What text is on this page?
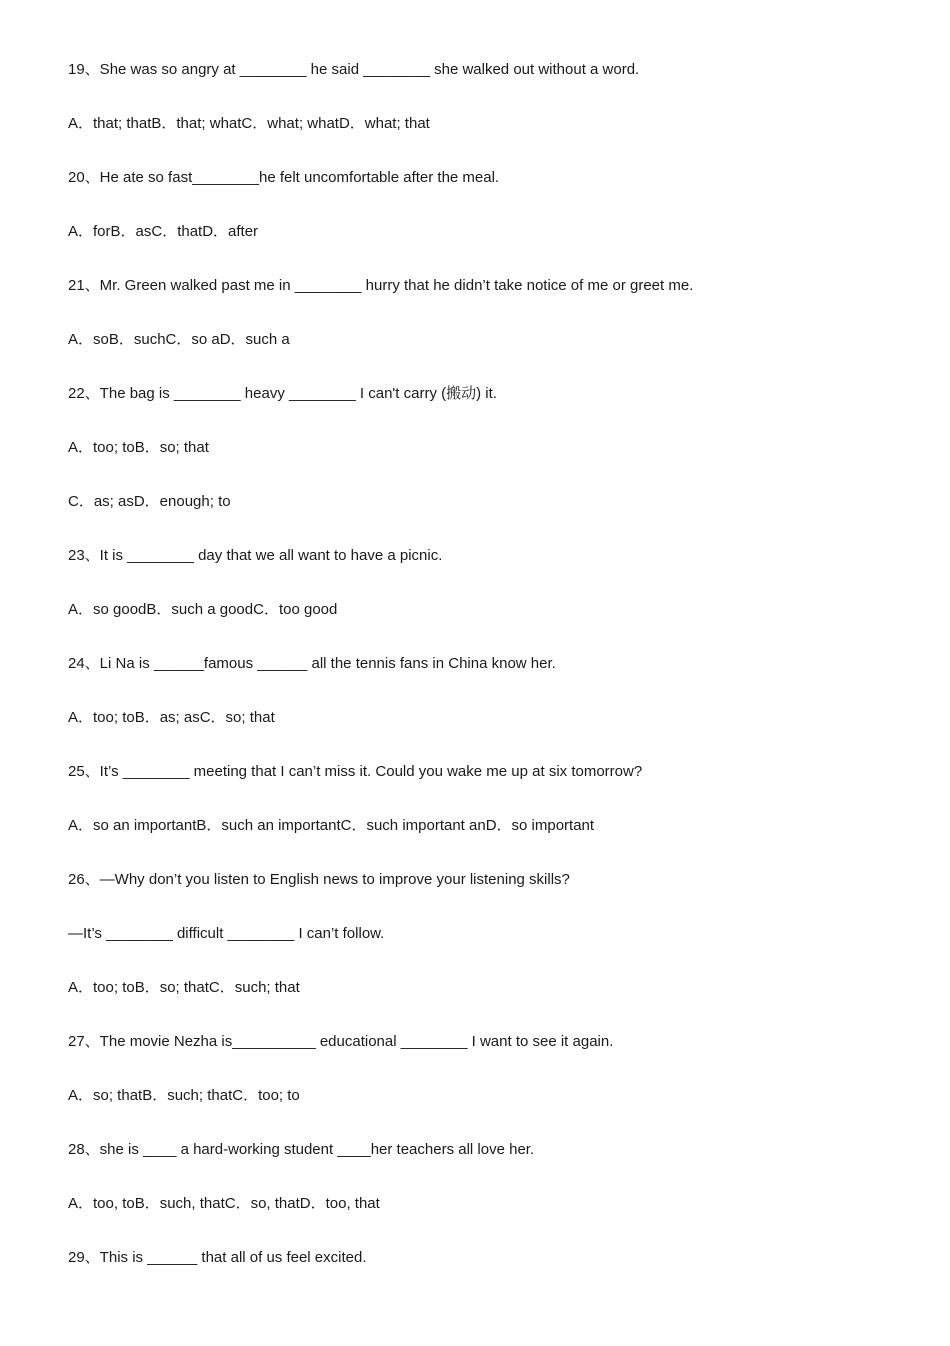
19、She was so angry at ________ he said ________ she walked out without a word.
A．that; thatB．that; whatC．what; whatD．what; that
20、He ate so fast________he felt uncomfortable after the meal.
A．forB．asC．thatD．after
21、Mr. Green walked past me in ________ hurry that he didn’t take notice of me or greet me.
A．soB．suchC．so aD．such a
22、The bag is ________ heavy ________ I can't carry (搬动) it.
A．too; toB．so; that
C．as; asD．enough; to
23、It is ________ day that we all want to have a picnic.
A．so goodB．such a goodC．too good
24、Li Na is ______famous ______ all the tennis fans in China know her.
A．too; toB．as; asC．so; that
25、It’s ________ meeting that I can’t miss it. Could you wake me up at six tomorrow?
A．so an importantB．such an importantC．such important anD．so important
26、—Why don’t you listen to English news to improve your listening skills?
—It’s ________ difficult ________ I can’t follow.
A．too; toB．so; thatC．such; that
27、The movie Nezha is__________ educational ________ I want to see it again.
A．so; thatB．such; thatC．too; to
28、she is ____ a hard-working student ____her teachers all love her.
A．too, toB．such, thatC．so, thatD．too, that
29、This is ______ that all of us feel excited.
